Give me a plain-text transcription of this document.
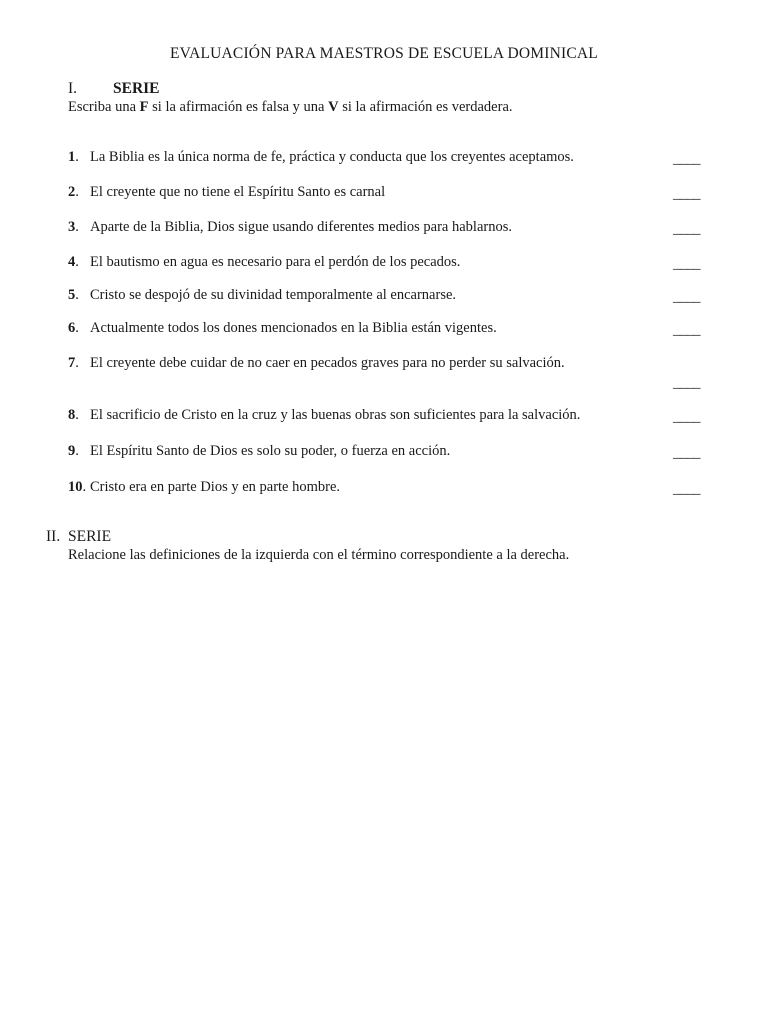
EVALUACIÓN PARA MAESTROS DE ESCUELA DOMINICAL
I. SERIE
Escriba una F si la afirmación es falsa y una V si la afirmación es verdadera.
1. La Biblia es la única norma de fe, práctica y conducta que los creyentes aceptamos.	____
2. El creyente que no tiene el Espíritu Santo es carnal	____
3. Aparte de la Biblia, Dios sigue usando diferentes medios para hablarnos.	____
4. El bautismo en agua es necesario para el perdón de los pecados.	____
5. Cristo se despojó de su divinidad temporalmente al encarnarse.	____
6. Actualmente todos los dones mencionados en la Biblia están vigentes.	____
7. El creyente debe cuidar de no caer en pecados graves para no perder su salvación.
____
8. El sacrificio de Cristo en la cruz y las buenas obras son suficientes para la salvación.	____
9. El Espíritu Santo de Dios es solo su poder, o fuerza en acción.	____
10. Cristo era en parte Dios y en parte hombre.	____
II. SERIE
Relacione las definiciones de la izquierda con el término correspondiente a la derecha.
